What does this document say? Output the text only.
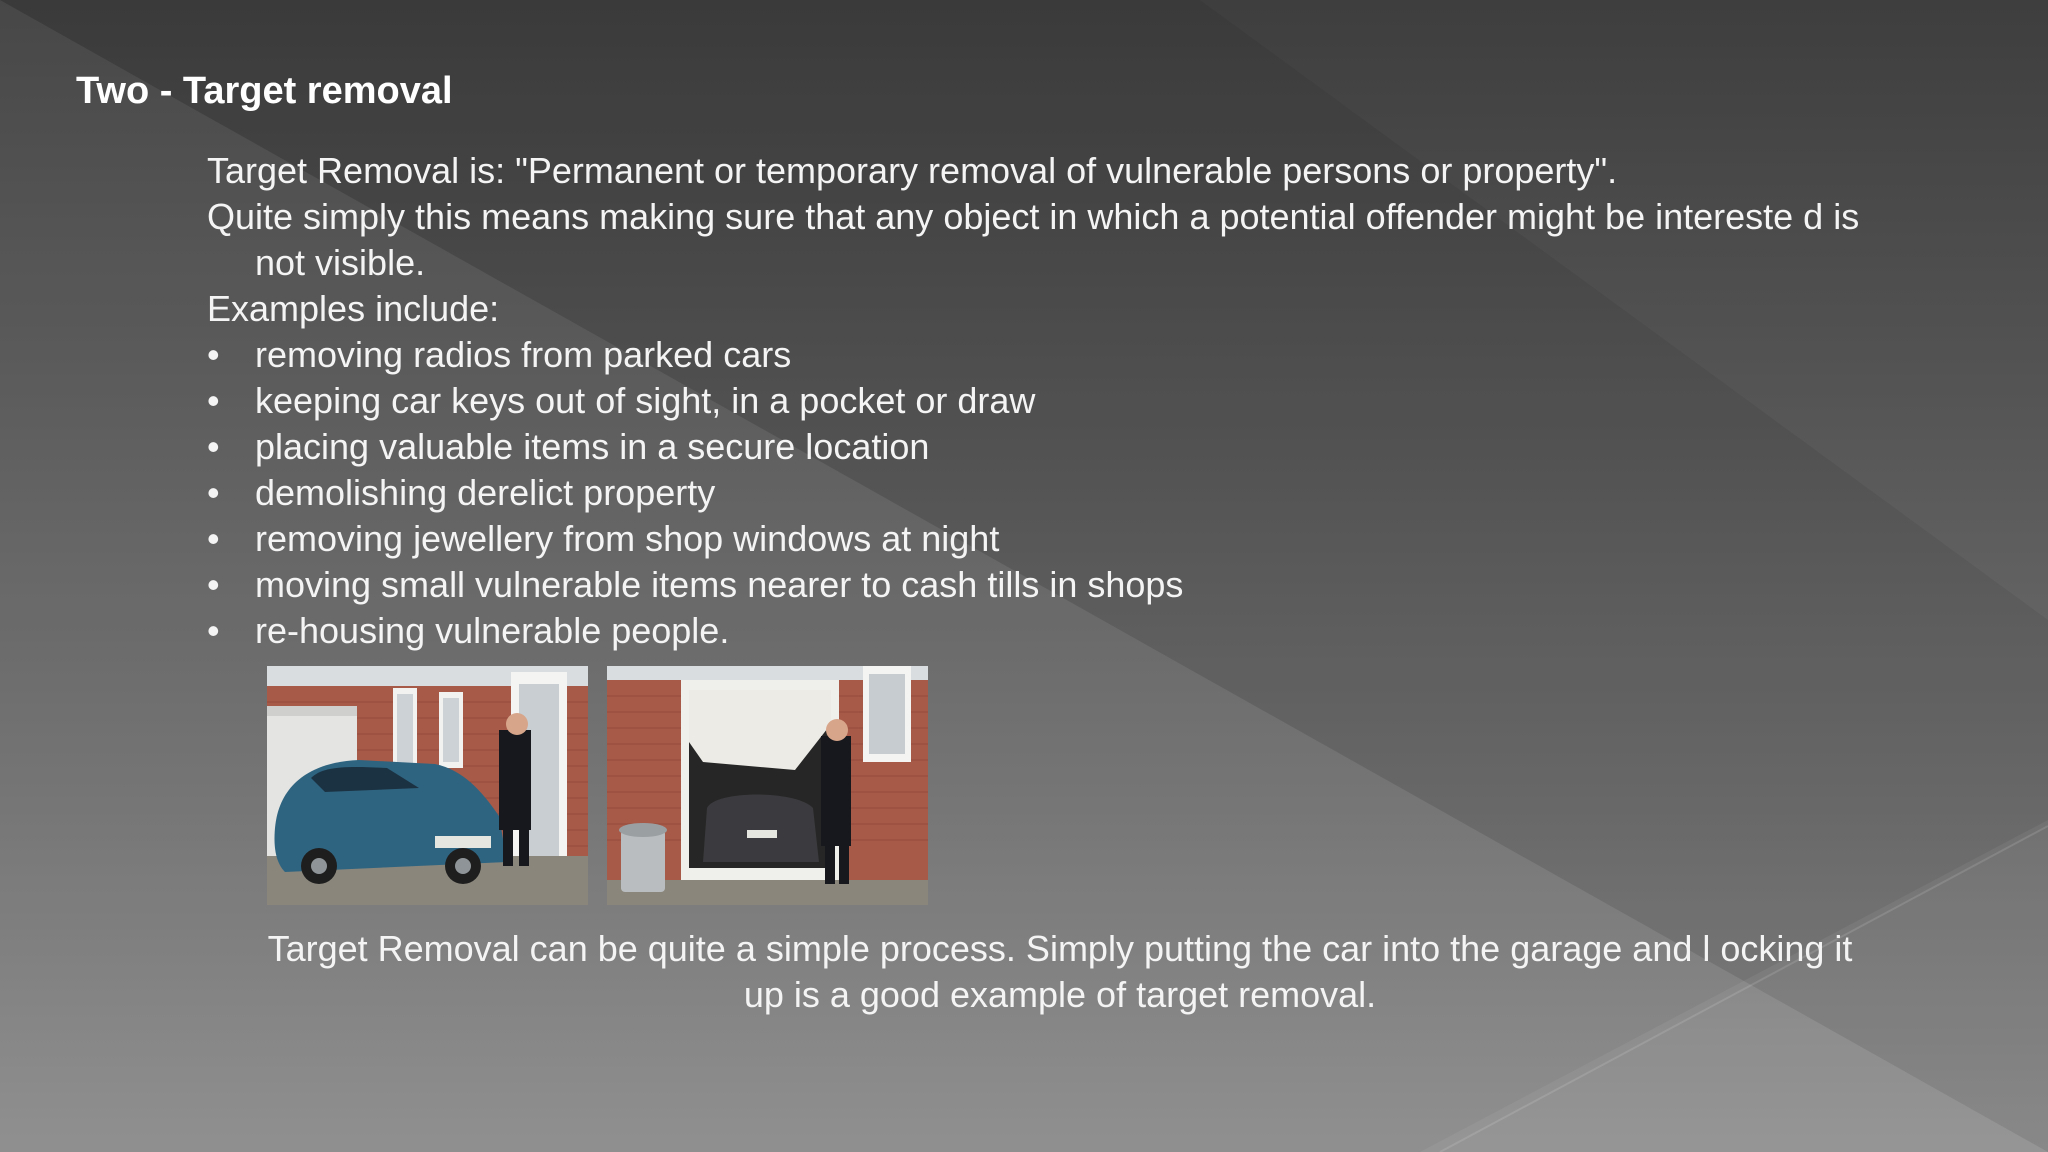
Two - Target removal

Target Removal is: "Permanent or temporary removal of vulnerable persons or property".

Quite simply this means making sure that any object in which a potential offender might be intereste d is not visible.

Examples include:

• removing radios from parked cars
• keeping car keys out of sight, in a pocket or draw
• placing valuable items in a secure location
• demolishing derelict property
• removing jewellery from shop windows at night
• moving small vulnerable items nearer to cash tills in shops
• re-housing vulnerable people.

Target Removal can be quite a simple process. Simply putting the car into the garage and l ocking it up is a good example of target removal.
